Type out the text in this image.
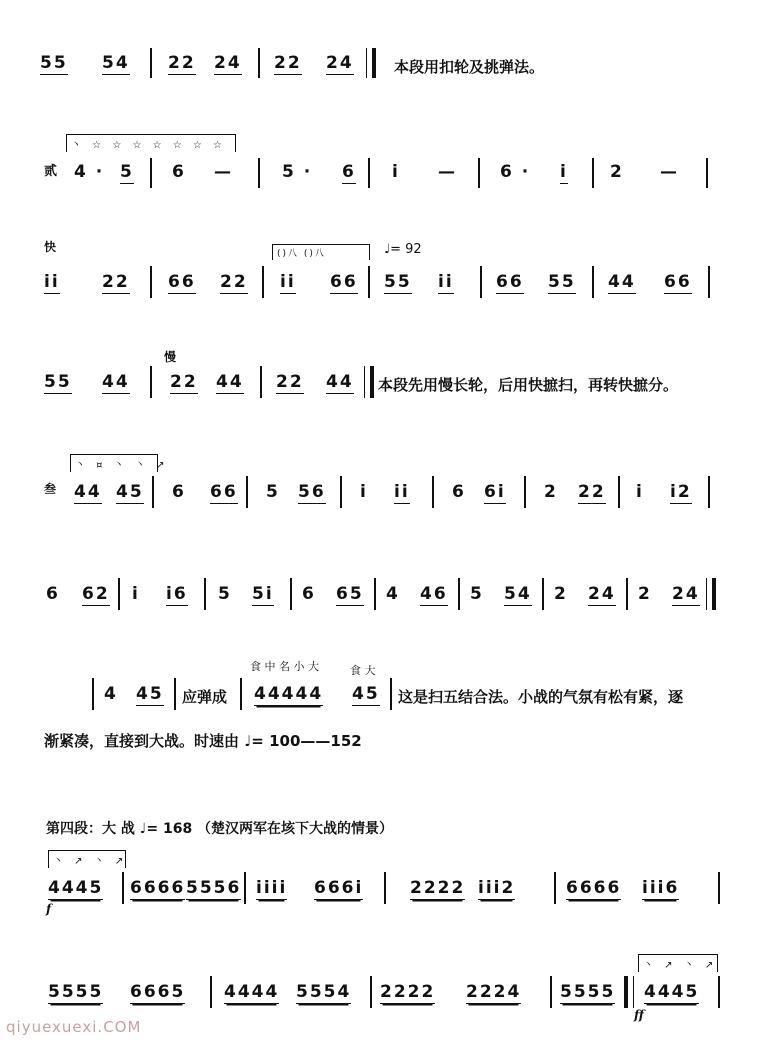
55 54 22 24 22 24	本段用扣轮及挑弹法。
丶 ☆ ☆ ☆ ☆ ☆ ☆ ☆
贰 4 · 5 6 —	5 · 6 i —	6 · i 2 —
快	()八 ()八	♩= 92
ii 22 66 22 ii 66 55 ii 66 55 44 66
慢
55 44 22 44 22 44 本段先用慢长轮，后用快摭扫，再转快摭分。
丶 ¤ 丶 丶 ↗
叁 44 45 6 66 5 56 i ii 6 6i 2 22 i i2
6 62 i i6 5 5i 6 65 4 46 5 54 2 24 2 24
4 45 应弹成
食 中 名 小 大	食 大
44444 45 这是扫五结合法。小战的气氛有松有紧，逐
渐紧凑，直接到大战。时速由 ♩= 100——152
第四段：大 战 ♩= 168 （楚汉两军在垓下大战的情景）
丶 ↗ 丶 ↗
f
4445 6666 5556 iiii 666i	2222 iii2	6666 iii6
丶 ↗ 丶 ↗
5555 6665 4444 5554 2222 2224 5555 4445
ff
qiyuexuexi.COM
